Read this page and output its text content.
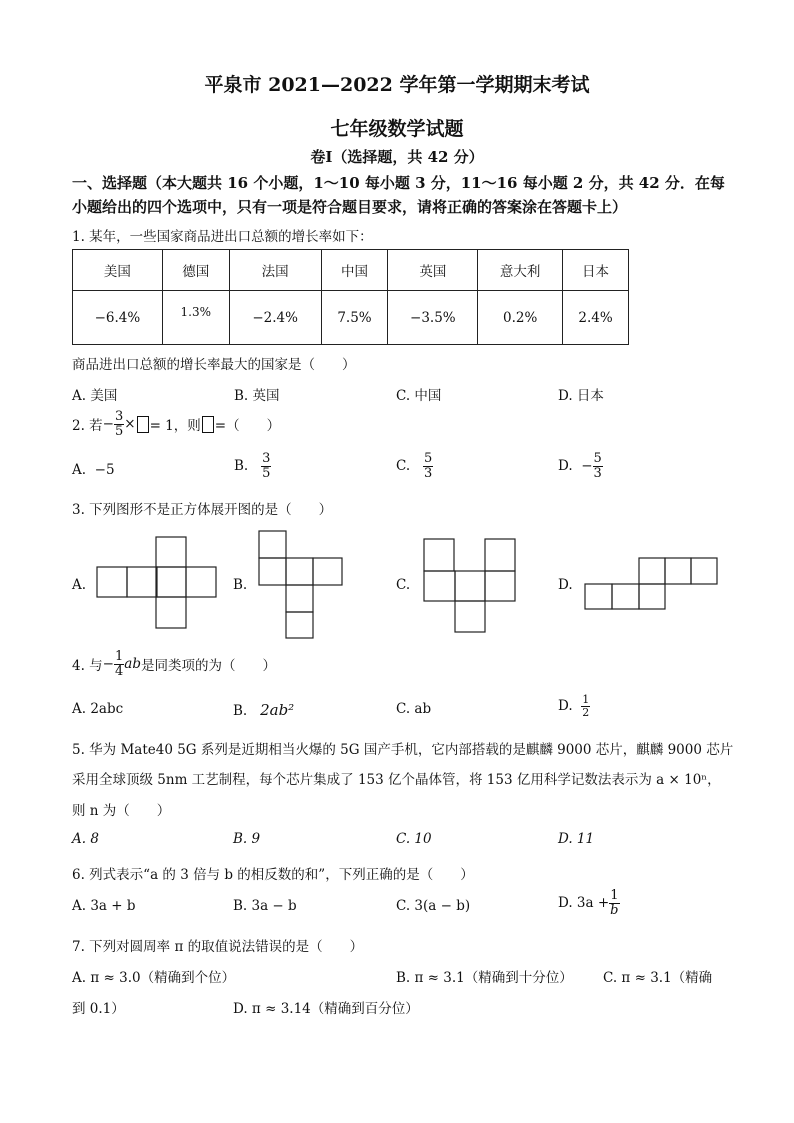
平泉市 2021—2022 学年第一学期期末考试
七年级数学试题
卷Ⅰ（选择题，共 42 分）
一、选择题（本大题共 16 个小题，1～10 每小题 3 分，11～16 每小题 2 分，共 42 分．在每
小题给出的四个选项中，只有一项是符合题目要求，请将正确的答案涂在答题卡上）
1. 某年，一些国家商品进出口总额的增长率如下：
美国	德国	法国	中国	英国	意大利	日本
−6.4%	1.3%	−2.4%	7.5%	−3.5%	0.2%	2.4%
商品进出口总额的增长率最大的国家是（　　）
A. 美国	B. 英国	C. 中国	D. 日本
2. 若 − $\frac{3}{5}$ × = 1，则 =（　　）
A. −5	B.
$\frac{3}{5}$	C.
$\frac{5}{3}$	D.
− $\frac{5}{3}$
3. 下列图形不是正方体展开图的是（　　）
A.	B.	C.	D.
4. 与 − $\frac{1}{4}$ ab 是同类项的为（　　）
A. 2abc	B. 2ab²	C. ab	D.
$\frac{1}{2}$
5. 华为 Mate40 5G 系列是近期相当火爆的 5G 国产手机，它内部搭载的是麒麟 9000 芯片，麒麟 9000 芯片
采用全球顶级 5nm 工艺制程，每个芯片集成了 153 亿个晶体管，将 153 亿用科学记数法表示为 a × 10ⁿ，
则 n 为（　　）
A. 8	B. 9	C. 10	D. 11
6. 列式表示“a 的 3 倍与 b 的相反数的和”，下列正确的是（　　）
A. 3a + b	B. 3a − b	C. 3(a − b)	D. $3a + \frac{1}{b}$
7. 下列对圆周率 π 的取值说法错误的是（　　）
A. π ≈ 3.0（精确到个位）	B. π ≈ 3.1（精确到十分位） C. π ≈ 3.1（精确
到 0.1）	D. π ≈ 3.14（精确到百分位）
